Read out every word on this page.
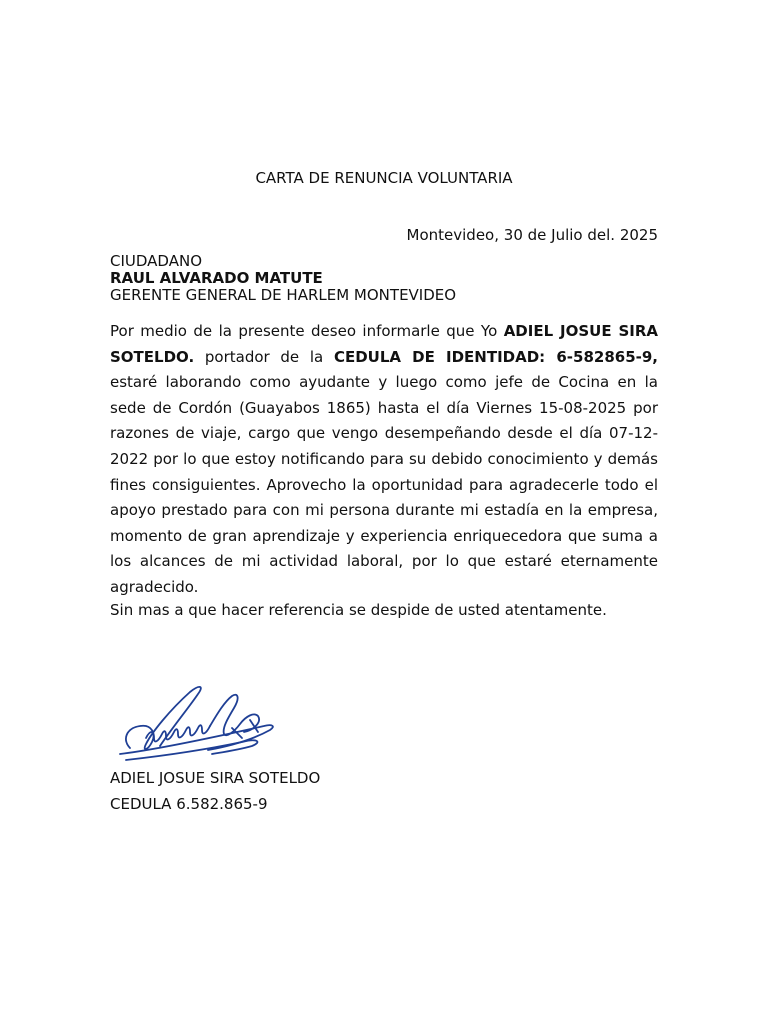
CARTA DE RENUNCIA VOLUNTARIA
Montevideo, 30 de Julio del. 2025
CIUDADANO
RAUL ALVARADO MATUTE
GERENTE GENERAL DE HARLEM MONTEVIDEO
Por medio de la presente deseo informarle que Yo ADIEL JOSUE SIRA SOTELDO. portador de la CEDULA DE IDENTIDAD: 6-582865-9, estaré laborando como ayudante y luego como jefe de Cocina en la sede de Cordón (Guayabos 1865) hasta el día Viernes 15-08-2025 por razones de viaje, cargo que vengo desempeñando desde el día 07-12-2022 por lo que estoy notificando para su debido conocimiento y demás fines consiguientes. Aprovecho la oportunidad para agradecerle todo el apoyo prestado para con mi persona durante mi estadía en la empresa, momento de gran aprendizaje y experiencia enriquecedora que suma a los alcances de mi actividad laboral, por lo que estaré eternamente agradecido.
Sin mas a que hacer referencia se despide de usted atentamente.
ADIEL JOSUE SIRA SOTELDO
CEDULA 6.582.865-9
